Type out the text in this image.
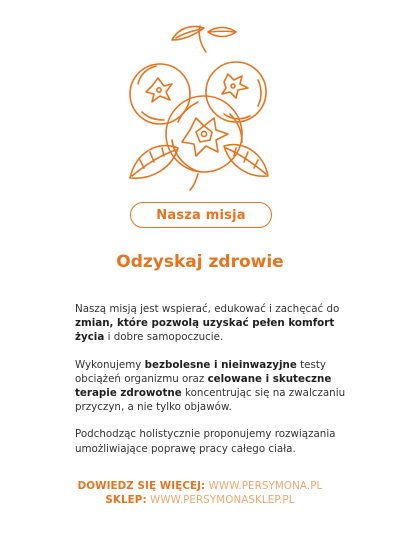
Nasza misja
Odzyskaj zdrowie

Naszą misją jest wspierać, edukować i zachęcać do zmian, które pozwolą uzyskać pełen komfort życia i dobre samopoczucie.

Wykonujemy bezbolesne i nieinwazyjne testy obciążeń organizmu oraz celowane i skuteczne terapie zdrowotne koncentrując się na zwalczaniu przyczyn, a nie tylko objawów.

Podchodząc holistycznie proponujemy rozwiązania umożliwiające poprawę pracy całego ciała.

DOWIEDZ SIĘ WIĘCEJ: WWW.PERSYMONA.PL
SKLEP: WWW.PERSYMONASKLEP.PL
